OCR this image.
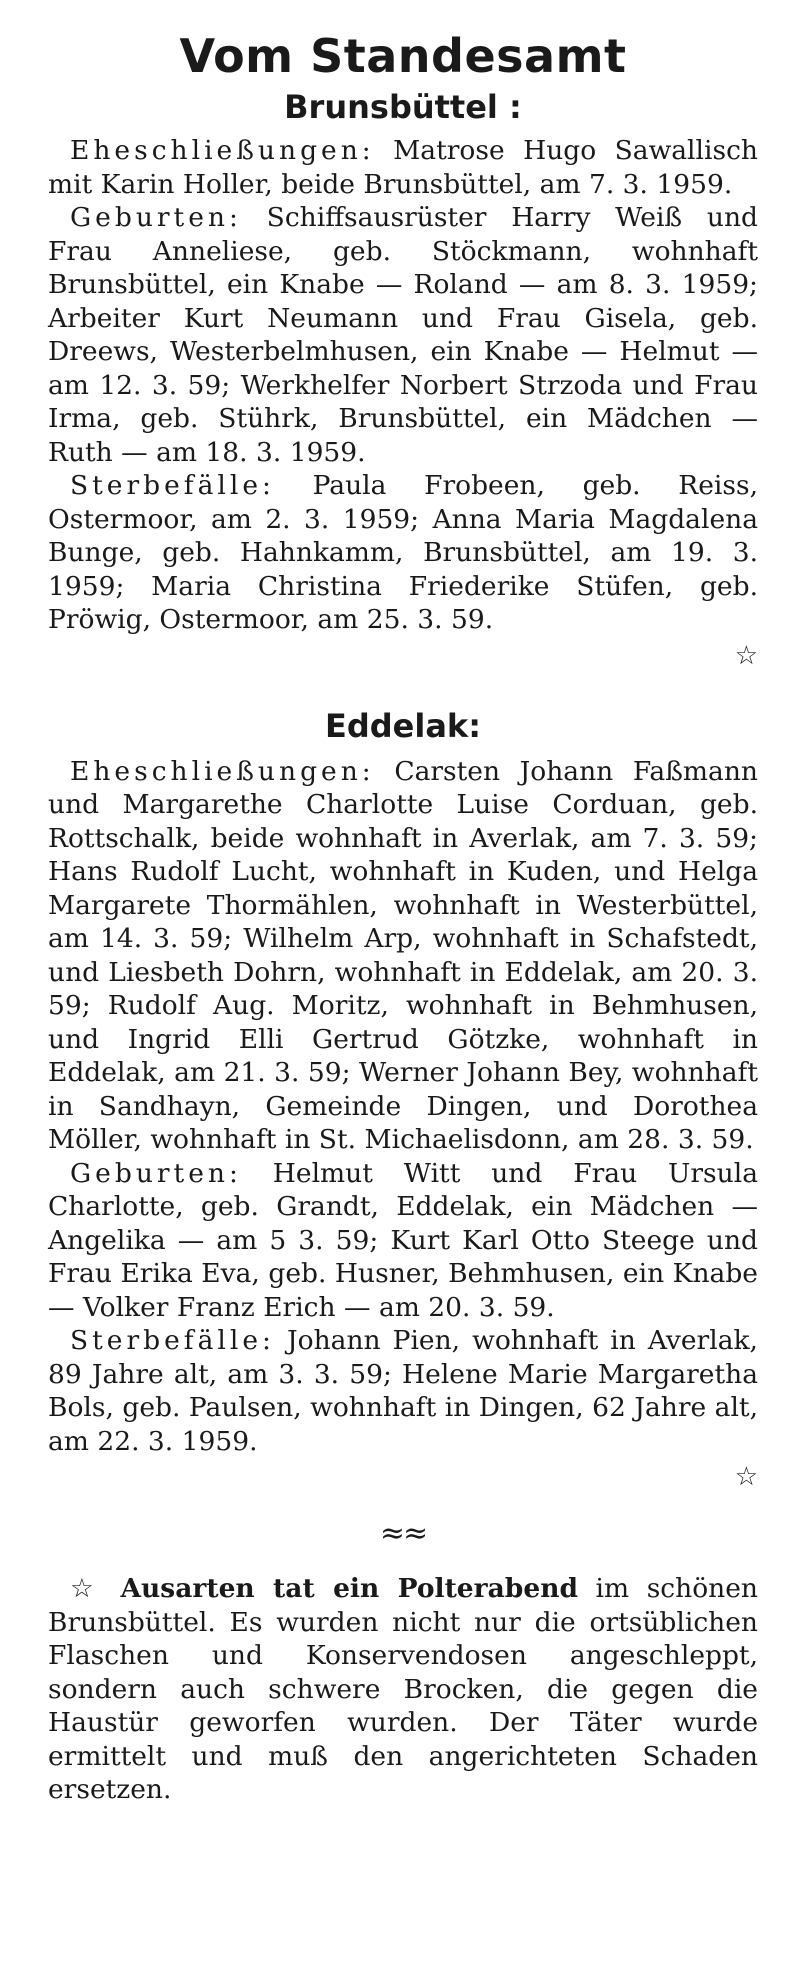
Vom Standesamt
Brunsbüttel :

Eheschließungen: Matrose Hugo Sawallisch mit Karin Holler, beide Brunsbüttel, am 7. 3. 1959.

Geburten: Schiffsausrüster Harry Weiß und Frau Anneliese, geb. Stöckmann, wohnhaft Brunsbüttel, ein Knabe — Roland — am 8. 3. 1959; Arbeiter Kurt Neumann und Frau Gisela, geb. Dreews, Westerbelmhusen, ein Knabe — Helmut — am 12. 3. 59; Werkhelfer Norbert Strzoda und Frau Irma, geb. Stührk, Brunsbüttel, ein Mädchen — Ruth — am 18. 3. 1959.

Sterbefälle: Paula Frobeen, geb. Reiss, Ostermoor, am 2. 3. 1959; Anna Maria Magdalena Bunge, geb. Hahnkamm, Brunsbüttel, am 19. 3. 1959; Maria Christina Friederike Stüfen, geb. Pröwig, Ostermoor, am 25. 3. 59.

☆
Eddelak:

Eheschließungen: Carsten Johann Faßmann und Margarethe Charlotte Luise Corduan, geb. Rottschalk, beide wohnhaft in Averlak, am 7. 3. 59; Hans Rudolf Lucht, wohnhaft in Kuden, und Helga Margarete Thormählen, wohnhaft in Westerbüttel, am 14. 3. 59; Wilhelm Arp, wohnhaft in Schafstedt, und Liesbeth Dohrn, wohnhaft in Eddelak, am 20. 3. 59; Rudolf Aug. Moritz, wohnhaft in Behmhusen, und Ingrid Elli Gertrud Götzke, wohnhaft in Eddelak, am 21. 3. 59; Werner Johann Bey, wohnhaft in Sandhayn, Gemeinde Dingen, und Dorothea Möller, wohnhaft in St. Michaelisdonn, am 28. 3. 59.

Geburten: Helmut Witt und Frau Ursula Charlotte, geb. Grandt, Eddelak, ein Mädchen — Angelika — am 5 3. 59; Kurt Karl Otto Steege und Frau Erika Eva, geb. Husner, Behmhusen, ein Knabe — Volker Franz Erich — am 20. 3. 59.

Sterbefälle: Johann Pien, wohnhaft in Averlak, 89 Jahre alt, am 3. 3. 59; Helene Marie Margaretha Bols, geb. Paulsen, wohnhaft in Dingen, 62 Jahre alt, am 22. 3. 1959.

☆
≈≈

☆ Ausarten tat ein Polterabend im schönen Brunsbüttel. Es wurden nicht nur die ortsüblichen Flaschen und Konservendosen angeschleppt, sondern auch schwere Brocken, die gegen die Haustür geworfen wurden. Der Täter wurde ermittelt und muß den angerichteten Schaden ersetzen.
